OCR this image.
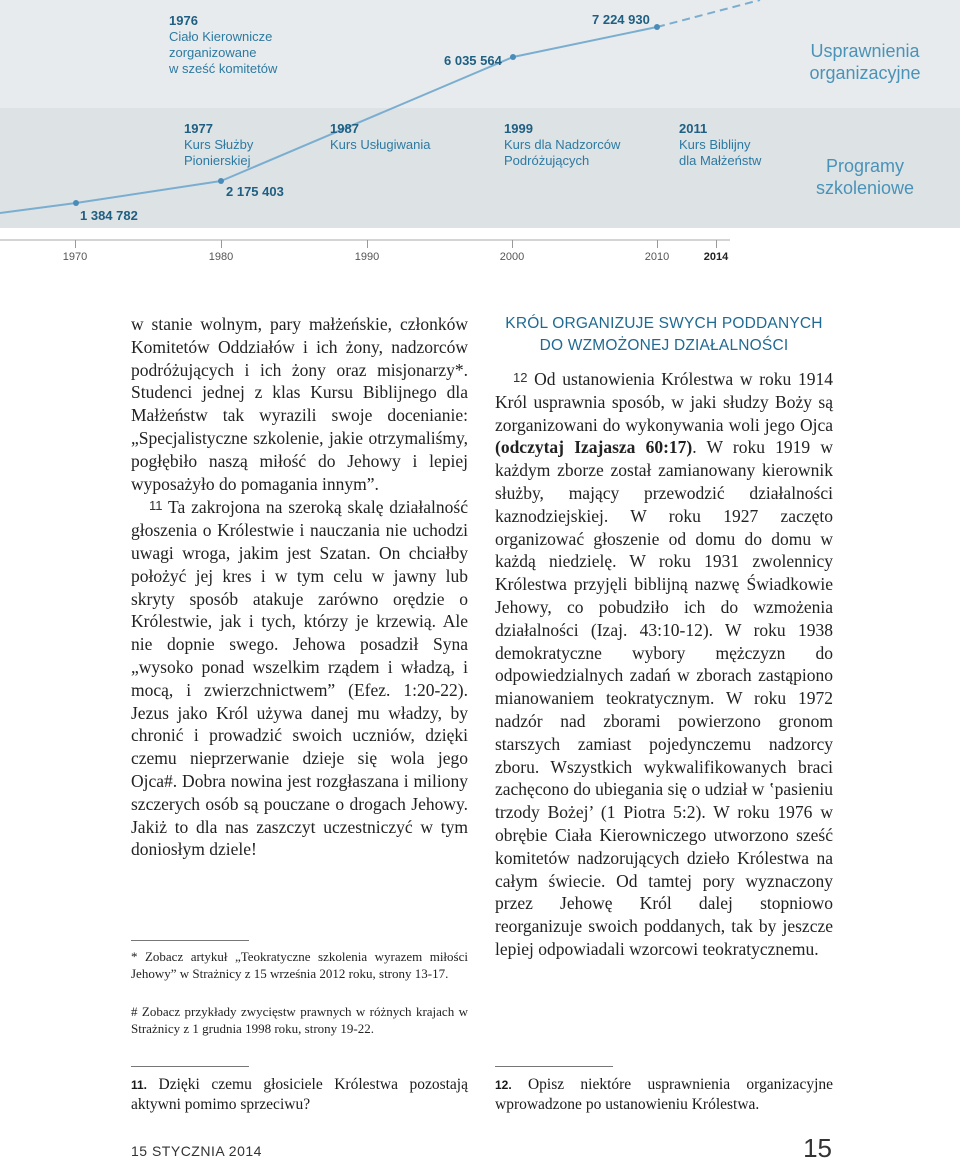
1 384 782
2 175 403
6 035 564
7 224 930
1976
Ciało Kierownicze
zorganizowane
w sześć komitetów
Usprawnienia
organizacyjne
Programy
szkoleniowe
1977
Kurs Służby
Pionierskiej
1987
Kurs Usługiwania
1999
Kurs dla Nadzorców
Podróżujących
2011
Kurs Biblijny
dla Małżeństw
1970	1980	1990	2000	2010	2014

w stanie wolnym, pary małżeńskie, członków Komitetów Oddziałów i ich żony, nadzorców podróżujących i ich żony oraz misjonarzy*. Studenci jednej z klas Kursu Biblijnego dla Małżeństw tak wyrazili swoje docenianie: „Specjalistyczne szkolenie, jakie otrzymaliśmy, pogłębiło naszą miłość do Jehowy i lepiej wyposażyło do pomagania innym”.

11 Ta zakrojona na szeroką skalę działalność głoszenia o Królestwie i nauczania nie uchodzi uwagi wroga, jakim jest Szatan. On chciałby położyć jej kres i w tym celu w jawny lub skryty sposób atakuje zarówno orędzie o Królestwie, jak i tych, którzy je krzewią. Ale nie dopnie swego. Jehowa posadził Syna „wysoko ponad wszelkim rządem i władzą, i mocą, i zwierzchnictwem” (Efez. 1:20-22). Jezus jako Król używa danej mu władzy, by chronić i prowadzić swoich uczniów, dzięki czemu nieprzerwanie dzieje się wola jego Ojca#. Dobra nowina jest rozgłaszana i miliony szczerych osób są pouczane o drogach Jehowy. Jakiż to dla nas zaszczyt uczestniczyć w tym doniosłym dziele!

* Zobacz artykuł „Teokratyczne szkolenia wyrazem miłości Jehowy” w Strażnicy z 15 września 2012 roku, strony 13-17.
# Zobacz przykłady zwycięstw prawnych w różnych krajach w Strażnicy z 1 grudnia 1998 roku, strony 19-22.
11. Dzięki czemu głosiciele Królestwa pozostają aktywni pomimo sprzeciwu?
KRÓL ORGANIZUJE SWYCH PODDANYCH
DO WZMOŻONEJ DZIAŁALNOŚCI

12 Od ustanowienia Królestwa w roku 1914 Król usprawnia sposób, w jaki słudzy Boży są zorganizowani do wykonywania woli jego Ojca (odczytaj Izajasza 60:17). W roku 1919 w każdym zborze został zamianowany kierownik służby, mający przewodzić działalności kaznodziejskiej. W roku 1927 zaczęto organizować głoszenie od domu do domu w każdą niedzielę. W roku 1931 zwolennicy Królestwa przyjęli biblijną nazwę Świadkowie Jehowy, co pobudziło ich do wzmożenia działalności (Izaj. 43:10-12). W roku 1938 demokratyczne wybory mężczyzn do odpowiedzialnych zadań w zborach zastąpiono mianowaniem teokratycznym. W roku 1972 nadzór nad zborami powierzono gronom starszych zamiast pojedynczemu nadzorcy zboru. Wszystkich wykwalifikowanych braci zachęcono do ubiegania się o udział w ‛pasieniu trzody Bożej’ (1 Piotra 5:2). W roku 1976 w obrębie Ciała Kierowniczego utworzono sześć komitetów nadzorujących dzieło Królestwa na całym świecie. Od tamtej pory wyznaczony przez Jehowę Król dalej stopniowo reorganizuje swoich poddanych, tak by jeszcze lepiej odpowiadali wzorcowi teokratycznemu.

12. Opisz niektóre usprawnienia organizacyjne wprowadzone po ustanowieniu Królestwa.
15 STYCZNIA 2014	15
